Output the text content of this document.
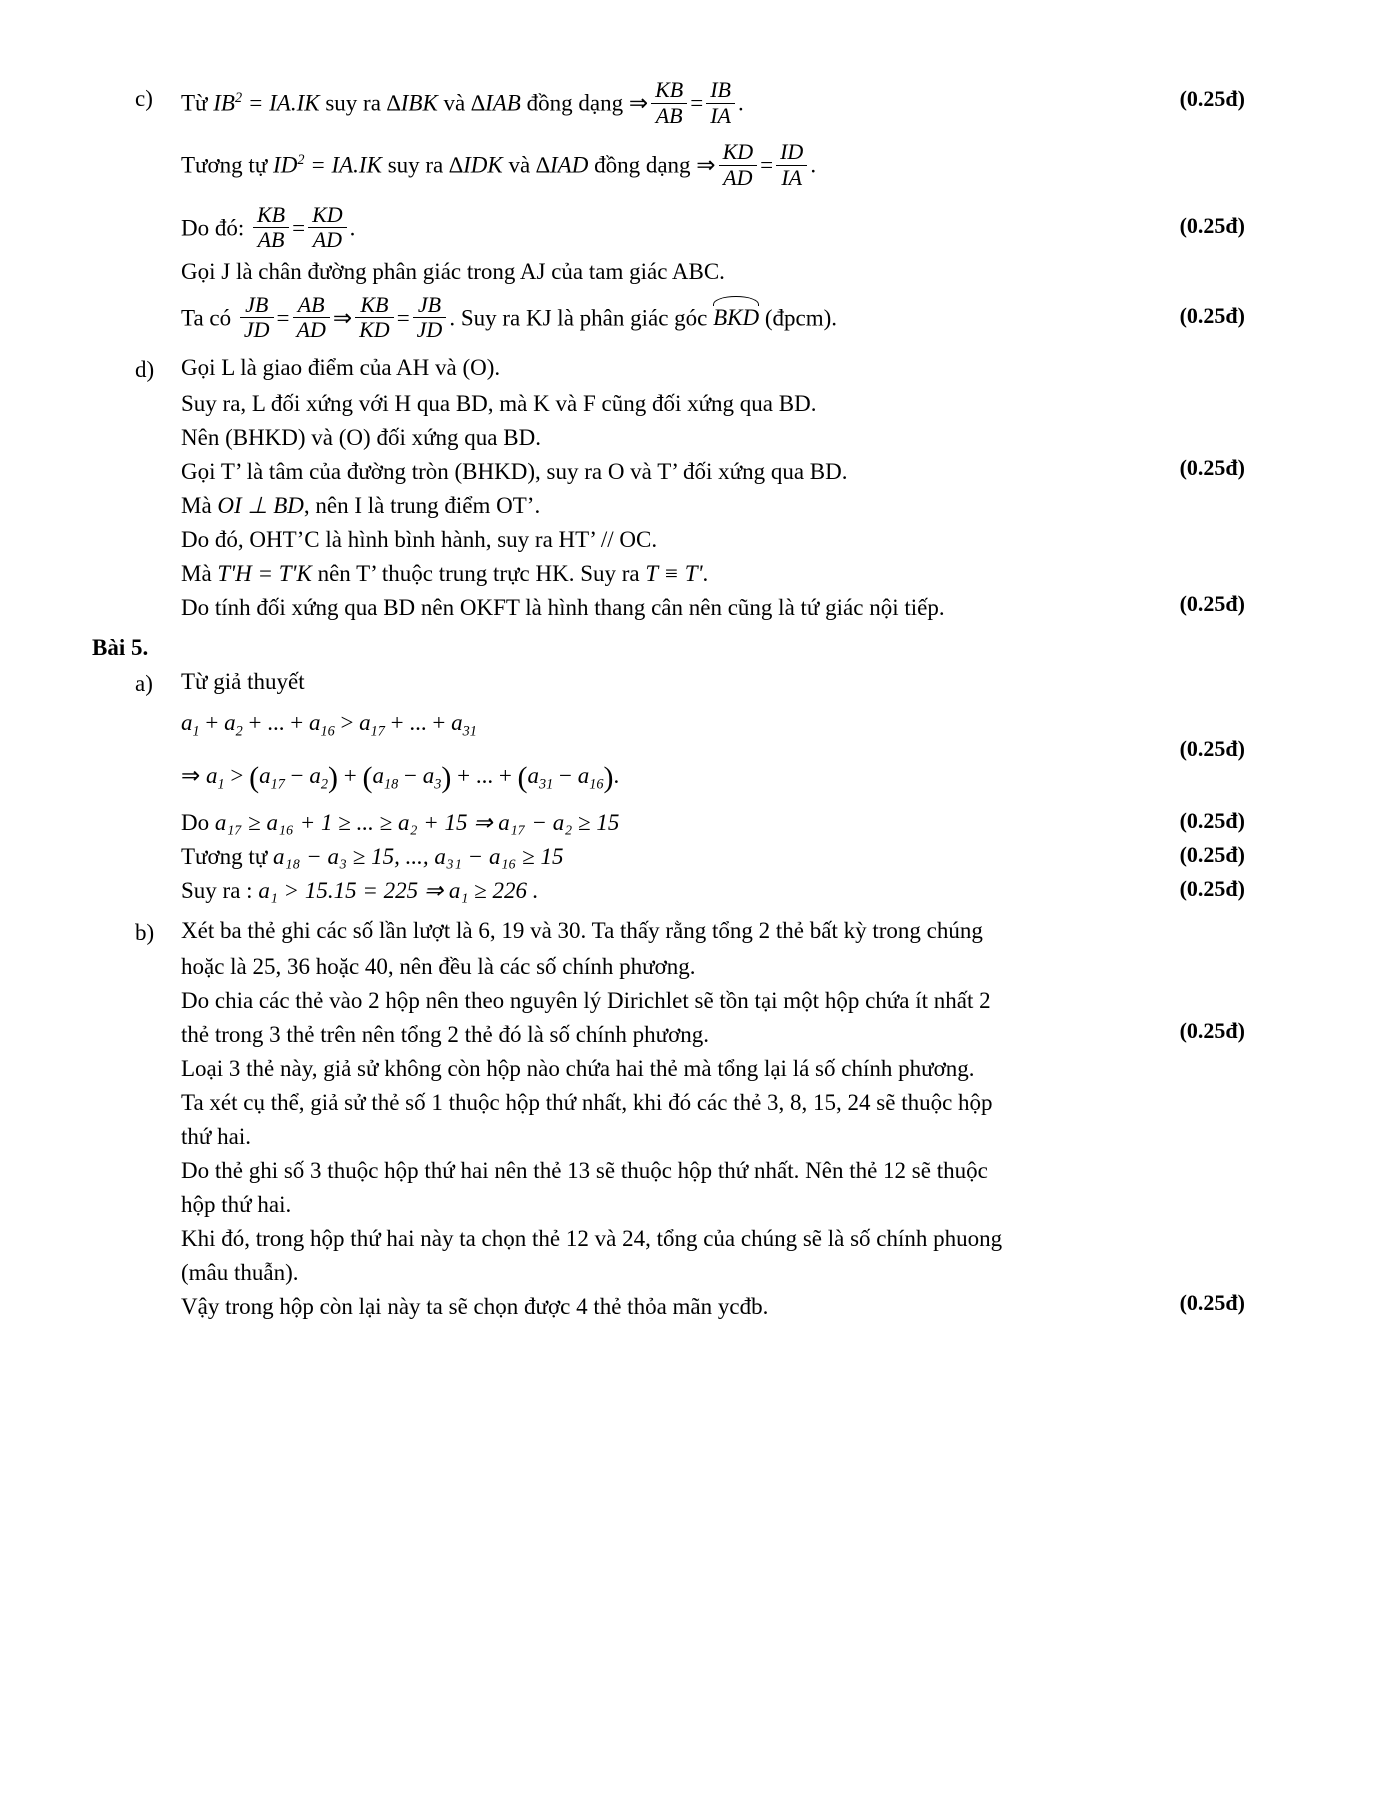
c)	Từ $IB^2 = IA.IK$ suy ra ∆IBK và ∆IAB đồng dạng ⇒ $\frac{KB}{AB} = \frac{IB}{IA}$ .	(0.25đ)
Tương tự $ID^2 = IA.IK$ suy ra ∆IDK và ∆IAD đồng dạng ⇒ $\frac{KD}{AD} = \frac{ID}{IA}$ .
Do đó: $\frac{KB}{AB} = \frac{KD}{AD}$ .	(0.25đ)
Gọi J là chân đường phân giác trong AJ của tam giác ABC.
Ta có $\frac{JB}{JD} = \frac{AB}{AD}$ ⇒ $\frac{KB}{KD} = \frac{JB}{JD}$ . Suy ra KJ là phân giác góc BKD (đpcm).	(0.25đ)
d)	Gọi L là giao điểm của AH và (O).
Suy ra, L đối xứng với H qua BD, mà K và F cũng đối xứng qua BD.
Nên (BHKD) và (O) đối xứng qua BD.
Gọi T’ là tâm của đường tròn (BHKD), suy ra O và T’ đối xứng qua BD.	(0.25đ)
Mà OI ⊥ BD, nên I là trung điểm OT’.
Do đó, OHT’C là hình bình hành, suy ra HT’ // OC.
Mà T'H = T'K nên T’ thuộc trung trực HK. Suy ra T ≡ T'.
Do tính đối xứng qua BD nên OKFT là hình thang cân nên cũng là tứ giác nội tiếp.	(0.25đ)
Bài 5.
a)	Từ giả thuyết
$a_1 + a_2$ + ... + $a_{16} > a_{17}$ + ... + $a_{31}$
⇒ $a_1 > (a_{17} - a_2) + (a_{18} - a_3)$ + ... + $(a_{31} - a_{16})$.
(0.25đ)
Do a₁₇ ≥ a₁₆ + 1 ≥ ... ≥ a₂ + 15 ⇒ a₁₇ − a₂ ≥ 15	(0.25đ)
Tương tự a₁₈ − a₃ ≥ 15, ..., a₃₁ − a₁₆ ≥ 15	(0.25đ)
Suy ra : a₁ > 15.15 = 225 ⇒ a₁ ≥ 226 .	(0.25đ)
b)	Xét ba thẻ ghi các số lần lượt là 6, 19 và 30. Ta thấy rằng tổng 2 thẻ bất kỳ trong chúng
hoặc là 25, 36 hoặc 40, nên đều là các số chính phương.
Do chia các thẻ vào 2 hộp nên theo nguyên lý Dirichlet sẽ tồn tại một hộp chứa ít nhất 2
thẻ trong 3 thẻ trên nên tổng 2 thẻ đó là số chính phương.	(0.25đ)
Loại 3 thẻ này, giả sử không còn hộp nào chứa hai thẻ mà tổng lại lá số chính phương.
Ta xét cụ thể, giả sử thẻ số 1 thuộc hộp thứ nhất, khi đó các thẻ 3, 8, 15, 24 sẽ thuộc hộp
thứ hai.
Do thẻ ghi số 3 thuộc hộp thứ hai nên thẻ 13 sẽ thuộc hộp thứ nhất. Nên thẻ 12 sẽ thuộc
hộp thứ hai.
Khi đó, trong hộp thứ hai này ta chọn thẻ 12 và 24, tổng của chúng sẽ là số chính phuong
(mâu thuẫn).
Vậy trong hộp còn lại này ta sẽ chọn được 4 thẻ thỏa mãn ycđb.	(0.25đ)
